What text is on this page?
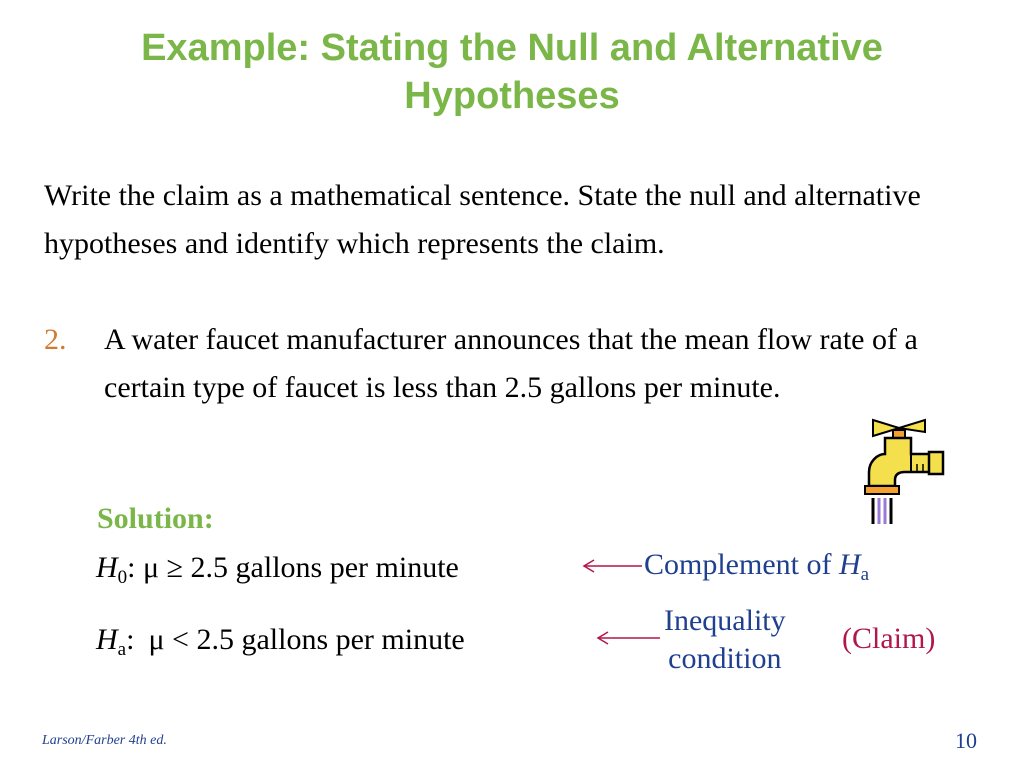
Example: Stating the Null and Alternative
Hypotheses
Write the claim as a mathematical sentence. State the null and alternative hypotheses and identify which represents the claim.
2. A water faucet manufacturer announces that the mean flow rate of a certain type of faucet is less than 2.5 gallons per minute.
Solution:
$H_0$: μ ≥ 2.5 gallons per minute
$H_a$: μ < 2.5 gallons per minute
Complement of $H_a$
Inequality
condition
(Claim)
Larson/Farber 4th ed.	10
